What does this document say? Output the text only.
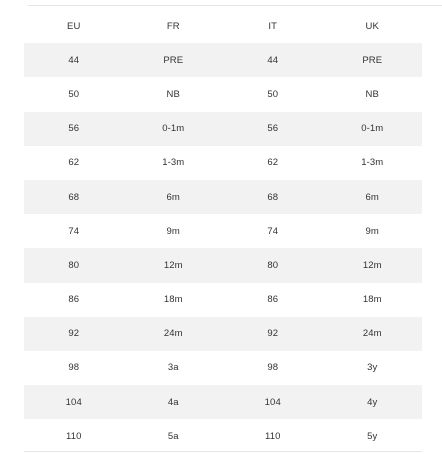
EU	FR	IT	UK
44	PRE	44	PRE
50	NB	50	NB
56	0-1m	56	0-1m
62	1-3m	62	1-3m
68	6m	68	6m
74	9m	74	9m
80	12m	80	12m
86	18m	86	18m
92	24m	92	24m
98	3a	98	3y
104	4a	104	4y
110	5a	110	5y
